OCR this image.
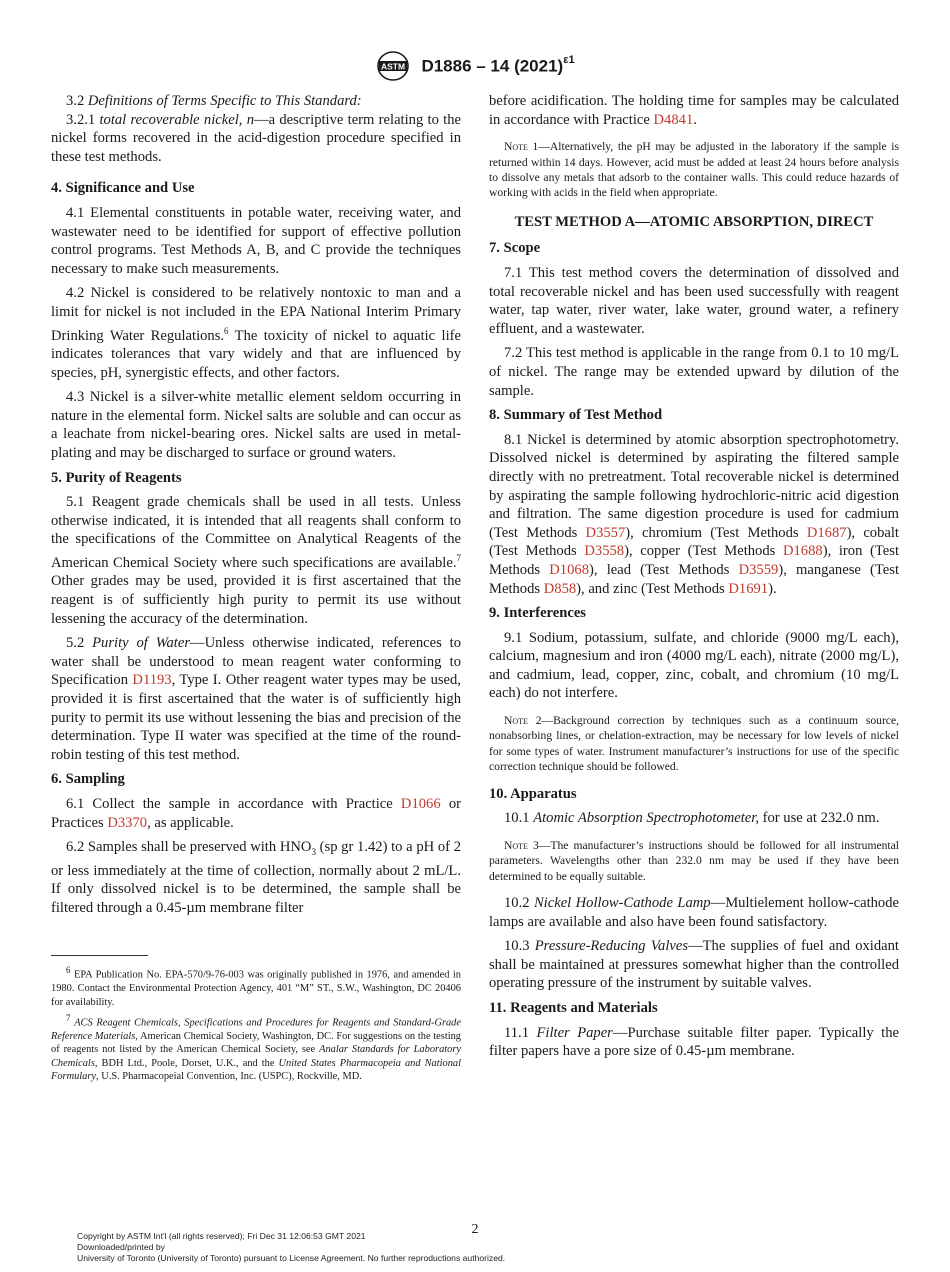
ASTM D1886 – 14 $(2021)^{\varepsilon 1}$

3.2 Definitions of Terms Specific to This Standard:

3.2.1 total recoverable nickel, n—a descriptive term relating to the nickel forms recovered in the acid-digestion procedure specified in these test methods.

4. Significance and Use

4.1 Elemental constituents in potable water, receiving water, and wastewater need to be identified for support of effective pollution control programs. Test Methods A, B, and C provide the techniques necessary to make such measurements.

4.2 Nickel is considered to be relatively nontoxic to man and a limit for nickel is not included in the EPA National Interim Primary Drinking Water Regulations.$^6$ The toxicity of nickel to aquatic life indicates tolerances that vary widely and that are influenced by species, pH, synergistic effects, and other factors.

4.3 Nickel is a silver-white metallic element seldom occurring in nature in the elemental form. Nickel salts are soluble and can occur as a leachate from nickel-bearing ores. Nickel salts are used in metal-plating and may be discharged to surface or ground waters.

5. Purity of Reagents

5.1 Reagent grade chemicals shall be used in all tests. Unless otherwise indicated, it is intended that all reagents shall conform to the specifications of the Committee on Analytical Reagents of the American Chemical Society where such specifications are available.$^7$ Other grades may be used, provided it is first ascertained that the reagent is of sufficiently high purity to permit its use without lessening the accuracy of the determination.

5.2 Purity of Water—Unless otherwise indicated, references to water shall be understood to mean reagent water conforming to Specification D1193, Type I. Other reagent water types may be used, provided it is first ascertained that the water is of sufficiently high purity to permit its use without lessening the bias and precision of the determination. Type II water was specified at the time of the round-robin testing of this test method.

6. Sampling

6.1 Collect the sample in accordance with Practice D1066 or Practices D3370, as applicable.

6.2 Samples shall be preserved with $HNO_3$ (sp gr 1.42) to a pH of 2 or less immediately at the time of collection, normally about 2 mL/L. If only dissolved nickel is to be determined, the sample shall be filtered through a 0.45-µm membrane filter

$^6$ EPA Publication No. EPA-570/9-76-003 was originally published in 1976, and amended in 1980. Contact the Environmental Protection Agency, 401 “M” ST., S.W., Washington, DC 20406 for availability.

$^7$ ACS Reagent Chemicals, Specifications and Procedures for Reagents and Standard-Grade Reference Materials, American Chemical Society, Washington, DC. For suggestions on the testing of reagents not listed by the American Chemical Society, see Analar Standards for Laboratory Chemicals, BDH Ltd., Poole, Dorset, U.K., and the United States Pharmacopeia and National Formulary, U.S. Pharmacopeial Convention, Inc. (USPC), Rockville, MD.

before acidification. The holding time for samples may be calculated in accordance with Practice D4841.

Note 1—Alternatively, the pH may be adjusted in the laboratory if the sample is returned within 14 days. However, acid must be added at least 24 hours before analysis to dissolve any metals that adsorb to the container walls. This could reduce hazards of working with acids in the field when appropriate.

TEST METHOD A—ATOMIC ABSORPTION, DIRECT

7. Scope

7.1 This test method covers the determination of dissolved and total recoverable nickel and has been used successfully with reagent water, tap water, river water, lake water, ground water, a refinery effluent, and a wastewater.

7.2 This test method is applicable in the range from 0.1 to 10 mg/L of nickel. The range may be extended upward by dilution of the sample.

8. Summary of Test Method

8.1 Nickel is determined by atomic absorption spectrophotometry. Dissolved nickel is determined by aspirating the filtered sample directly with no pretreatment. Total recoverable nickel is determined by aspirating the sample following hydrochloric-nitric acid digestion and filtration. The same digestion procedure is used for cadmium (Test Methods D3557), chromium (Test Methods D1687), cobalt (Test Methods D3558), copper (Test Methods D1688), iron (Test Methods D1068), lead (Test Methods D3559), manganese (Test Methods D858), and zinc (Test Methods D1691).

9. Interferences

9.1 Sodium, potassium, sulfate, and chloride (9000 mg/L each), calcium, magnesium and iron (4000 mg/L each), nitrate (2000 mg/L), and cadmium, lead, copper, zinc, cobalt, and chromium (10 mg/L each) do not interfere.

Note 2—Background correction by techniques such as a continuum source, nonabsorbing lines, or chelation-extraction, may be necessary for low levels of nickel for some types of water. Instrument manufacturer’s instructions for use of the specific correction technique should be followed.

10. Apparatus

10.1 Atomic Absorption Spectrophotometer, for use at 232.0 nm.

Note 3—The manufacturer’s instructions should be followed for all instrumental parameters. Wavelengths other than 232.0 nm may be used if they have been determined to be equally suitable.

10.2 Nickel Hollow-Cathode Lamp—Multielement hollow-cathode lamps are available and also have been found satisfactory.

10.3 Pressure-Reducing Valves—The supplies of fuel and oxidant shall be maintained at pressures somewhat higher than the controlled operating pressure of the instrument by suitable valves.

11. Reagents and Materials

11.1 Filter Paper—Purchase suitable filter paper. Typically the filter papers have a pore size of 0.45-µm membrane.

2
Copyright by ASTM Int'l (all rights reserved); Fri Dec 31 12:06:53 GMT 2021
Downloaded/printed by
University of Toronto (University of Toronto) pursuant to License Agreement. No further reproductions authorized.
